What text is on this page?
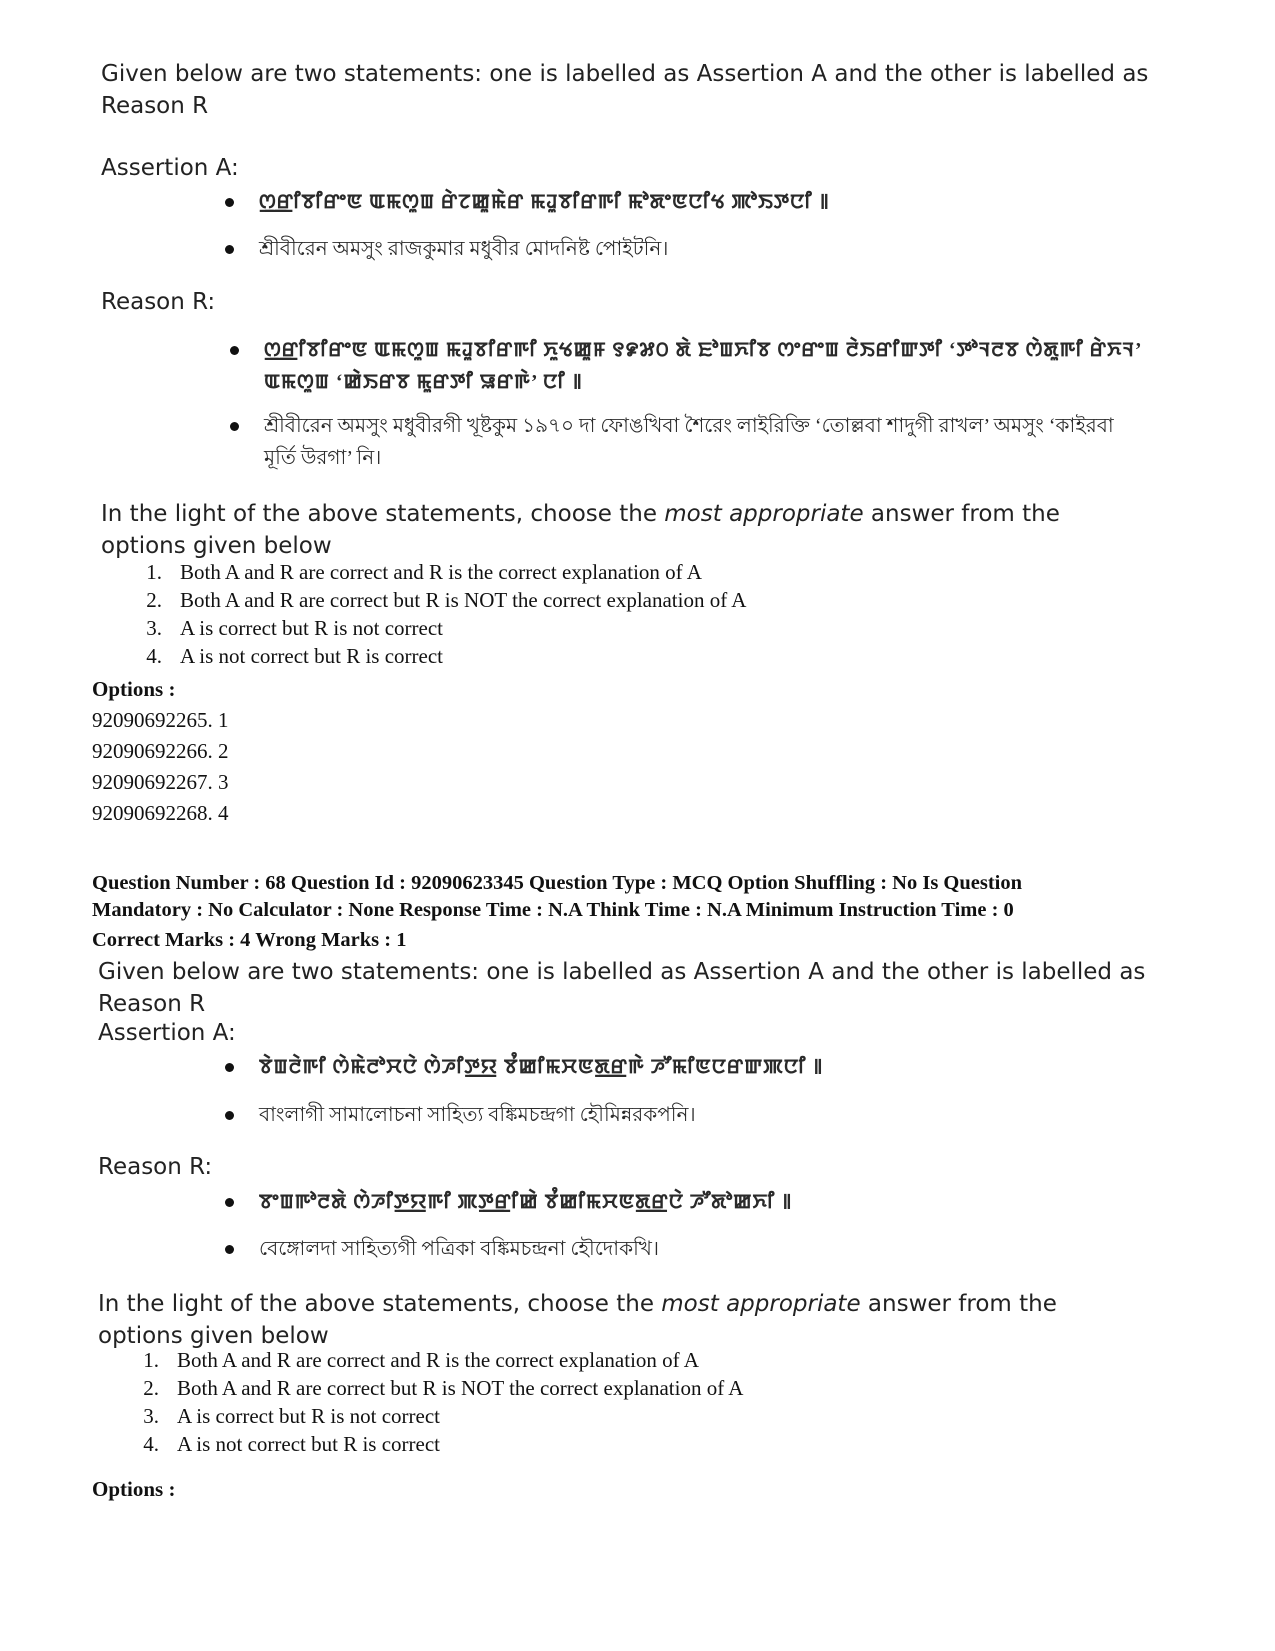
Given below are two statements: one is labelled as Assertion A and the other is labelled as Reason R
Assertion A:
ꯁ꯭ꯔꯤꯕꯤꯔꯦꯟ ꯑꯃꯁꯨꯡ ꯔꯥꯖꯀꯨꯃꯥꯔ ꯃꯙꯨꯕꯤꯔꯒꯤ ꯃꯣꯗꯦꯟꯅꯤꯠ ꯄꯣꯏꯇꯅꯤ ꯫
শ্রীবীরেন অমসুং রাজকুমার মধুবীর মোদনিষ্ট পোইটনি।
Reason R:
ꯁ꯭ꯔꯤꯕꯤꯔꯦꯟ ꯑꯃꯁꯨꯡ ꯃꯙꯨꯕꯤꯔꯒꯤ ꯈꯨꯠꯀꯨꯝ ꯱꯹꯷꯰ ꯗꯥ ꯐꯣꯡꯈꯤꯕ ꯁꯦꯔꯦꯡ ꯂꯥꯏꯔꯤꯛꯇꯤ ‘ꯇꯣꯜꯂꯕ ꯁꯥꯗꯨꯒꯤ ꯔꯥꯈꯜ’ ꯑꯃꯁꯨꯡ ‘ꯀꯥꯏꯔꯕ ꯃꯨꯔꯇꯤ ꯎꯔꯒꯥ’ ꯅꯤ ꯫
শ্রীবীরেন অমসুং মধুবীরগী খূষ্টকুম ১৯৭০ দা ফোঙখিবা শৈরেং লাইরিক্তি ‘তোল্লবা শাদুগী রাখল’ অমসুং ‘কাইরবা মূর্তি উরগা’ নি।
In the light of the above statements, choose the most appropriate answer from the
options given below
1. Both A and R are correct and R is the correct explanation of A
2. Both A and R are correct but R is NOT the correct explanation of A
3. A is correct but R is not correct
4. A is not correct but R is correct
Options :
92090692265. 1
92090692266. 2
92090692267. 3
92090692268. 4
Question Number : 68 Question Id : 92090623345 Question Type : MCQ Option Shuffling : No Is Question
Mandatory : No Calculator : None Response Time : N.A Think Time : N.A Minimum Instruction Time : 0
Correct Marks : 4 Wrong Marks : 1
Given below are two statements: one is labelled as Assertion A and the other is labelled as Reason R
Assertion A:
ꯕꯥꯡꯂꯥꯒꯤ ꯁꯥꯃꯥꯂꯣꯆꯅꯥ ꯁꯥꯍꯤꯇ꯭ꯌ ꯕꯪꯀꯤꯃꯆꯟꯗ꯭ꯔꯒꯥ ꯍꯧꯃꯤꯟꯅꯔꯛꯄꯅꯤ ꯫
বাংলাগী সামালোচনা সাহিত্য বঙ্কিমচন্দ্রগা হৌমিন্নরকপনি।
Reason R:
ꯕꯦꯡꯒꯣꯂꯗꯥ ꯁꯥꯍꯤꯇ꯭ꯌꯒꯤ ꯄꯇ꯭ꯔꯤꯀꯥ ꯕꯪꯀꯤꯃꯆꯟꯗ꯭ꯔꯅꯥ ꯍꯧꯗꯣꯀꯈꯤ ꯫
বেঙ্গোলদা সাহিত্যগী পত্রিকা বঙ্কিমচন্দ্রনা হৌদোকখি।
In the light of the above statements, choose the most appropriate answer from the
options given below
1. Both A and R are correct and R is the correct explanation of A
2. Both A and R are correct but R is NOT the correct explanation of A
3. A is correct but R is not correct
4. A is not correct but R is correct
Options :
